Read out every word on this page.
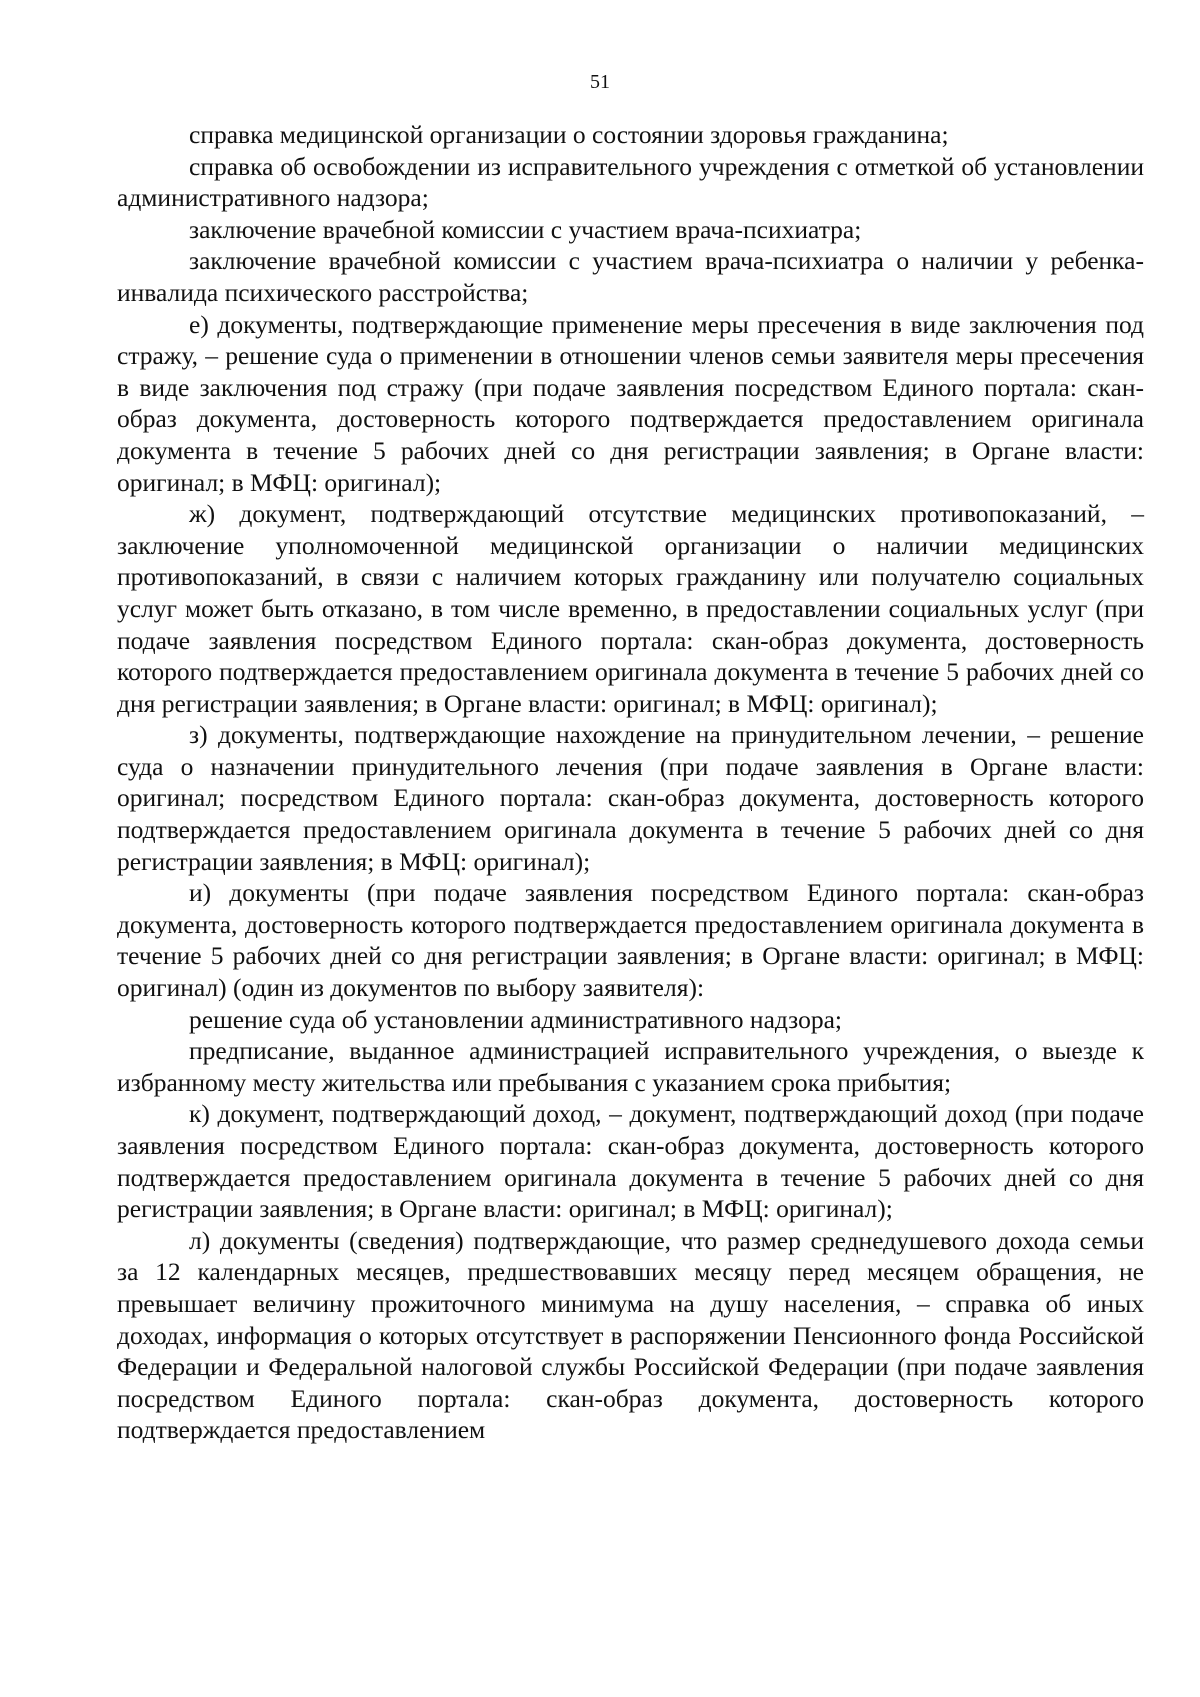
51

справка медицинской организации о состоянии здоровья гражданина;

справка об освобождении из исправительного учреждения с отметкой об установлении административного надзора;

заключение врачебной комиссии с участием врача-психиатра;

заключение врачебной комиссии с участием врача-психиатра о наличии у ребенка-инвалида психического расстройства;

е) документы, подтверждающие применение меры пресечения в виде заключения под стражу, – решение суда о применении в отношении членов семьи заявителя меры пресечения в виде заключения под стражу (при подаче заявления посредством Единого портала: скан-образ документа, достоверность которого подтверждается предоставлением оригинала документа в течение 5 рабочих дней со дня регистрации заявления; в Органе власти: оригинал; в МФЦ: оригинал);

ж) документ, подтверждающий отсутствие медицинских противопоказаний, – заключение уполномоченной медицинской организации о наличии медицинских противопоказаний, в связи с наличием которых гражданину или получателю социальных услуг может быть отказано, в том числе временно, в предоставлении социальных услуг (при подаче заявления посредством Единого портала: скан-образ документа, достоверность которого подтверждается предоставлением оригинала документа в течение 5 рабочих дней со дня регистрации заявления; в Органе власти: оригинал; в МФЦ: оригинал);

з) документы, подтверждающие нахождение на принудительном лечении, – решение суда о назначении принудительного лечения (при подаче заявления в Органе власти: оригинал; посредством Единого портала: скан-образ документа, достоверность которого подтверждается предоставлением оригинала документа в течение 5 рабочих дней со дня регистрации заявления; в МФЦ: оригинал);

и) документы (при подаче заявления посредством Единого портала: скан-образ документа, достоверность которого подтверждается предоставлением оригинала документа в течение 5 рабочих дней со дня регистрации заявления; в Органе власти: оригинал; в МФЦ: оригинал) (один из документов по выбору заявителя):

решение суда об установлении административного надзора;

предписание, выданное администрацией исправительного учреждения, о выезде к избранному месту жительства или пребывания с указанием срока прибытия;

к) документ, подтверждающий доход, – документ, подтверждающий доход (при подаче заявления посредством Единого портала: скан-образ документа, достоверность которого подтверждается предоставлением оригинала документа в течение 5 рабочих дней со дня регистрации заявления; в Органе власти: оригинал; в МФЦ: оригинал);

л) документы (сведения) подтверждающие, что размер среднедушевого дохода семьи за 12 календарных месяцев, предшествовавших месяцу перед месяцем обращения, не превышает величину прожиточного минимума на душу населения, – справка об иных доходах, информация о которых отсутствует в распоряжении Пенсионного фонда Российской Федерации и Федеральной налоговой службы Российской Федерации (при подаче заявления посредством Единого портала: скан-образ документа, достоверность которого подтверждается предоставлением
